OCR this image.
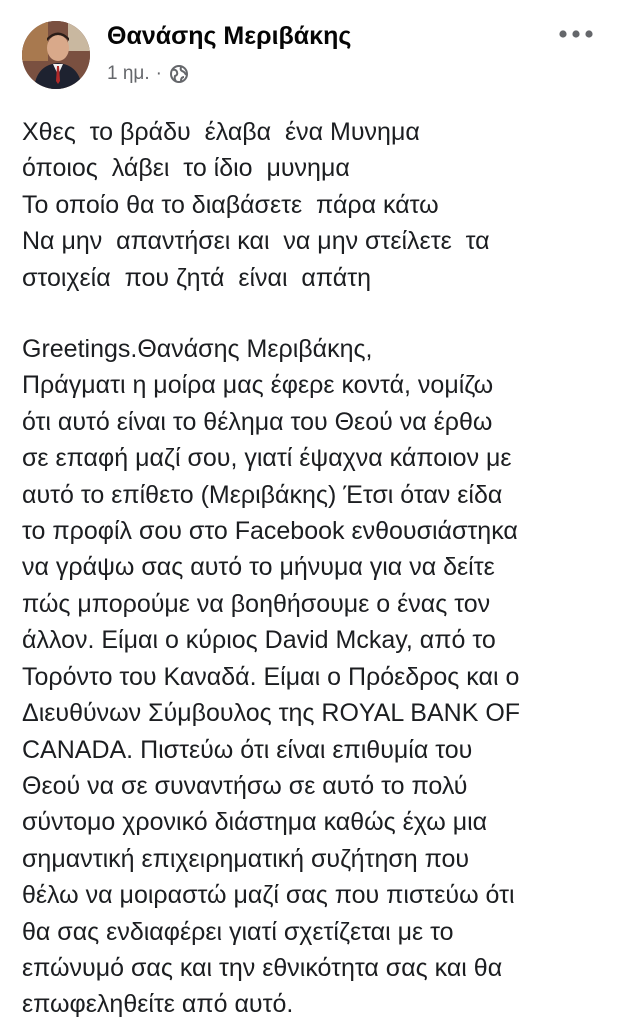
Θανάσης Μεριβάκης
1 ημ. ·
Χθες  το βράδυ  έλαβα  ένα Μυνημα
όποιος  λάβει  το ίδιο  μυνημα
Το οποίο θα το διαβάσετε  πάρα κάτω
Να μην  απαντήσει και  να μην στείλετε  τα
στοιχεία  που ζητά  είναι  απάτη
Greetings.Θανάσης Μεριβάκης,
Πράγματι η μοίρα μας έφερε κοντά, νομίζω
ότι αυτό είναι το θέλημα του Θεού να έρθω
σε επαφή μαζί σου, γιατί έψαχνα κάποιον με
αυτό το επίθετο (Μεριβάκης) Έτσι όταν είδα
το προφίλ σου στο Facebook ενθουσιάστηκα
να γράψω σας αυτό το μήνυμα για να δείτε
πώς μπορούμε να βοηθήσουμε ο ένας τον
άλλον. Είμαι ο κύριος David Mckay, από το
Τορόντο του Καναδά. Είμαι ο Πρόεδρος και ο
Διευθύνων Σύμβουλος της ROYAL BANK OF
CANADA. Πιστεύω ότι είναι επιθυμία του
Θεού να σε συναντήσω σε αυτό το πολύ
σύντομο χρονικό διάστημα καθώς έχω μια
σημαντική επιχειρηματική συζήτηση που
θέλω να μοιραστώ μαζί σας που πιστεύω ότι
θα σας ενδιαφέρει γιατί σχετίζεται με το
επώνυμό σας και την εθνικότητα σας και θα
επωφεληθείτε από αυτό.
